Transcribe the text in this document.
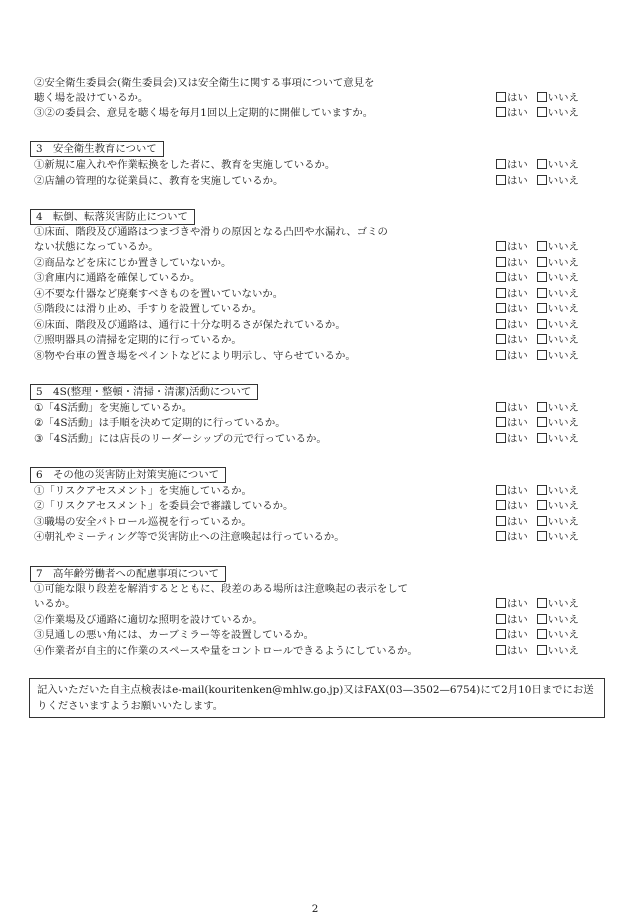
②安全衛生委員会(衛生委員会)又は安全衛生に関する事項について意見を
聴く場を設けているか。	はい いいえ
③②の委員会、意見を聴く場を毎月1回以上定期的に開催していますか。	はい いいえ
3　安全衛生教育について
①新規に雇入れや作業転換をした者に、教育を実施しているか。	はい いいえ
②店舗の管理的な従業員に、教育を実施しているか。	はい いいえ
4　転倒、転落災害防止について
①床面、階段及び通路はつまづきや滑りの原因となる凸凹や水漏れ、ゴミの
ない状態になっているか。	はい いいえ
②商品などを床にじか置きしていないか。	はい いいえ
③倉庫内に通路を確保しているか。	はい いいえ
④不要な什器など廃棄すべきものを置いていないか。	はい いいえ
⑤階段には滑り止め、手すりを設置しているか。	はい いいえ
⑥床面、階段及び通路は、通行に十分な明るさが保たれているか。	はい いいえ
⑦照明器具の清掃を定期的に行っているか。	はい いいえ
⑧物や台車の置き場をペイントなどにより明示し、守らせているか。	はい いいえ
5　4S(整理・整頓・清掃・清潔)活動について
①「4S活動」を実施しているか。	はい いいえ
②「4S活動」は手順を決めて定期的に行っているか。	はい いいえ
③「4S活動」には店長のリーダーシップの元で行っているか。	はい いいえ
6　その他の災害防止対策実施について
①「リスクアセスメント」を実施しているか。	はい いいえ
②「リスクアセスメント」を委員会で審議しているか。	はい いいえ
③職場の安全パトロール巡視を行っているか。	はい いいえ
④朝礼やミーティング等で災害防止への注意喚起は行っているか。	はい いいえ
7　高年齢労働者への配慮事項について
①可能な限り段差を解消するとともに、段差のある場所は注意喚起の表示をして
いるか。	はい いいえ
②作業場及び通路に適切な照明を設けているか。	はい いいえ
③見通しの悪い角には、カーブミラー等を設置しているか。	はい いいえ
④作業者が自主的に作業のスペースや量をコントロールできるようにしているか。	はい いいえ
記入いただいた自主点検表はe-mail(kouritenken@mhlw.go.jp)又はFAX(03—3502—6754)にて2月10日までにお送りくださいますようお願いいたします。
2
